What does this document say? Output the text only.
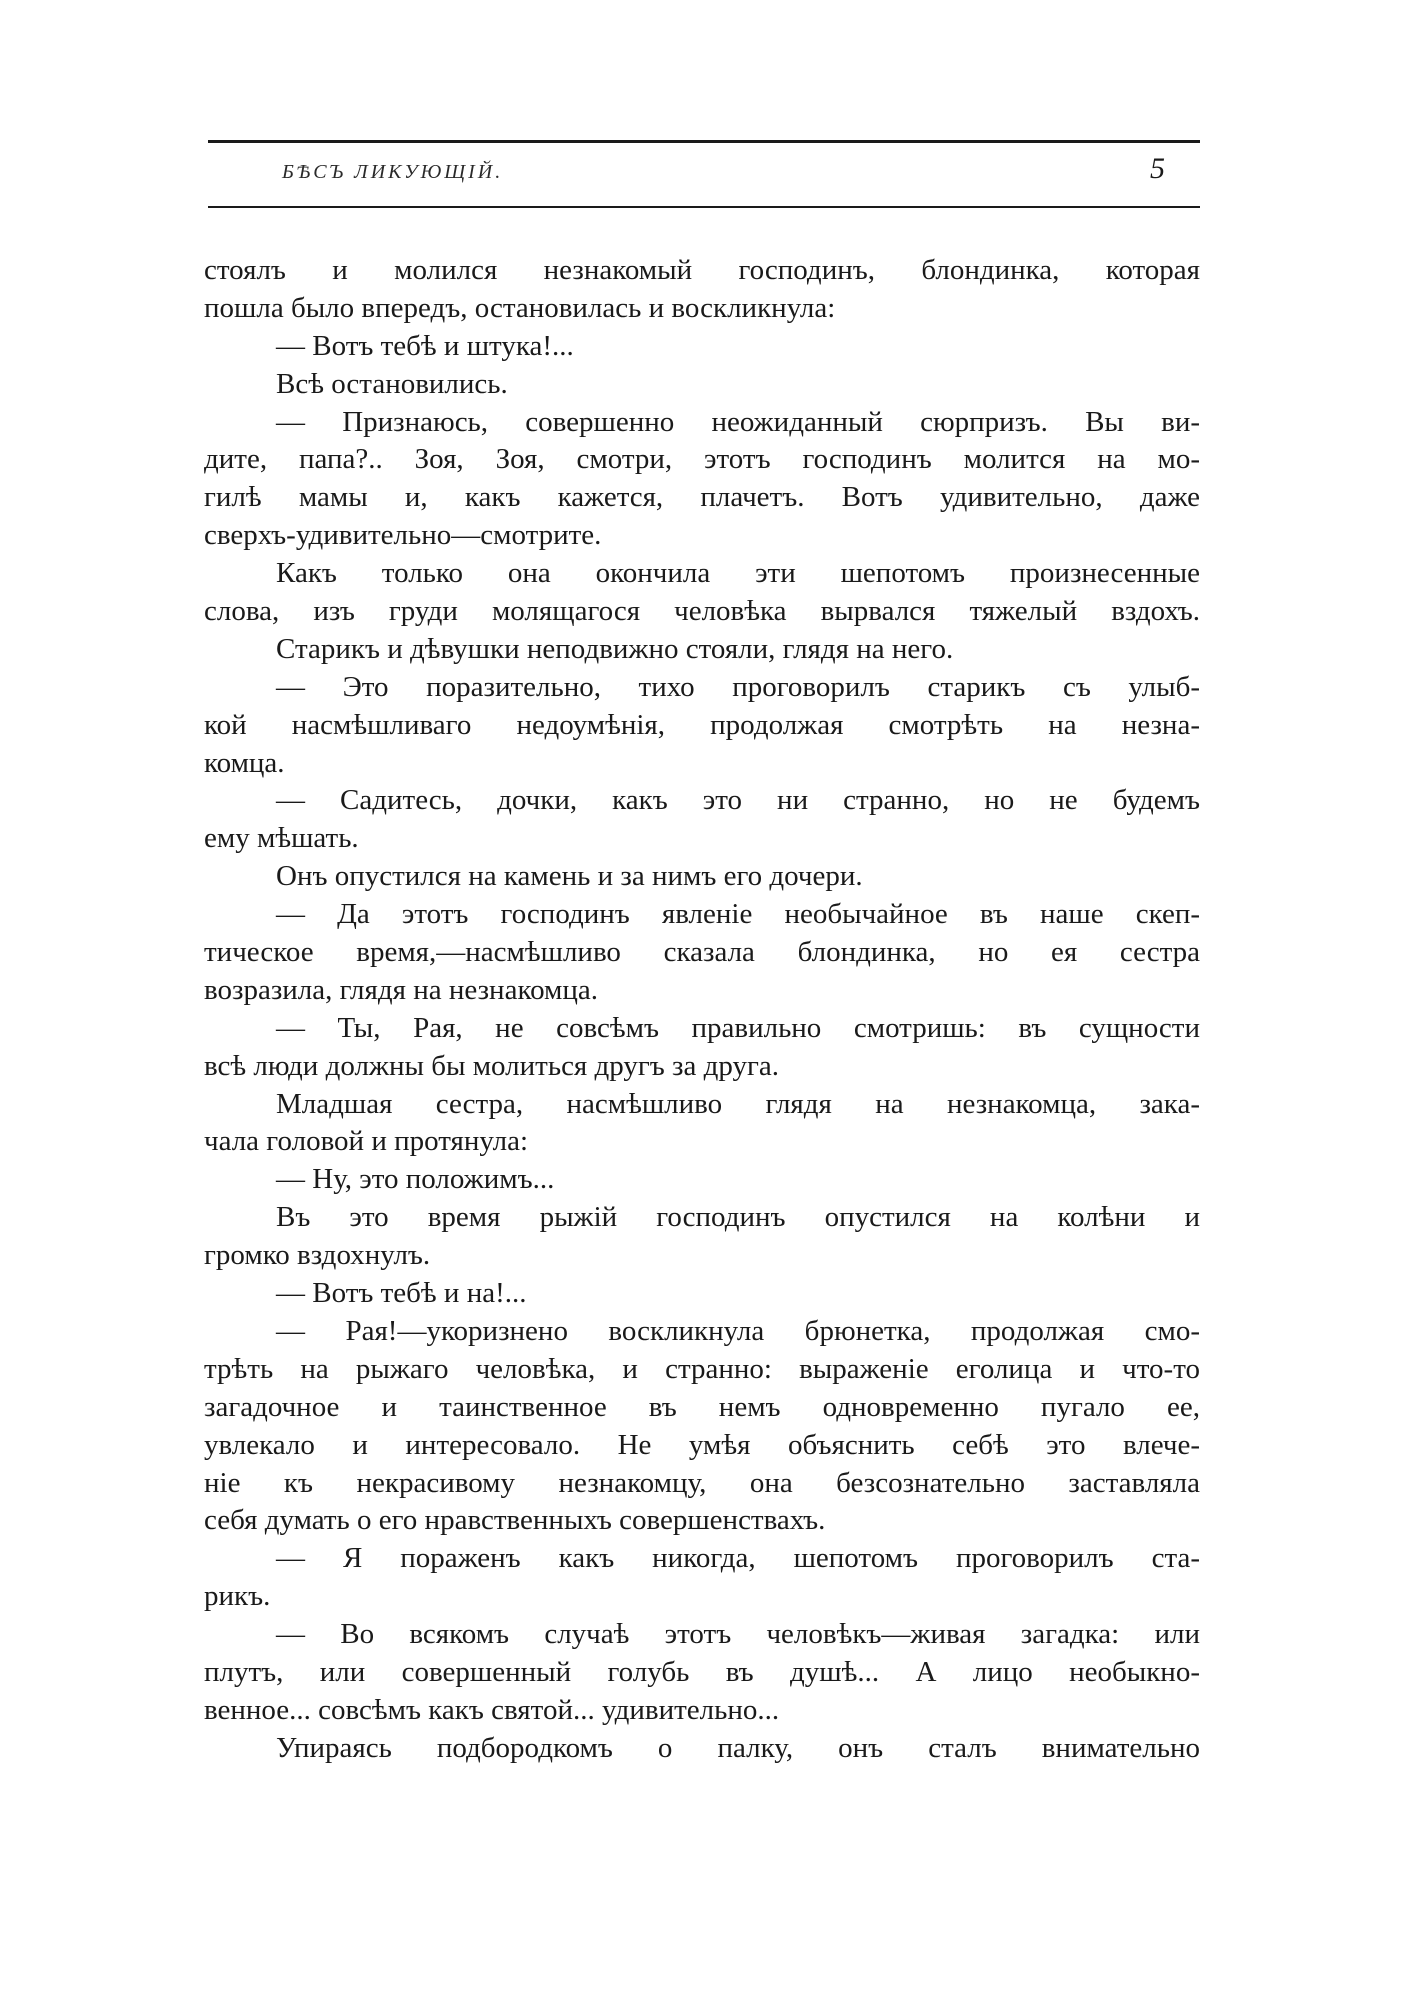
БѢСЪ ЛИКУЮЩІЙ.	5
стоялъ и молился незнакомый господинъ, блондинка, которая
пошла было впередъ, остановилась и воскликнула:
— Вотъ тебѣ и штука!...
Всѣ остановились.
— Признаюсь, совершенно неожиданный сюрпризъ. Вы ви-
дите, папа?.. Зоя, Зоя, смотри, этотъ господинъ молится на мо-
гилѣ мамы и, какъ кажется, плачетъ. Вотъ удивительно, даже
сверхъ-удивительно—смотрите.
Какъ только она окончила эти шепотомъ произнесенные
слова, изъ груди молящагося человѣка вырвался тяжелый вздохъ.
Старикъ и дѣвушки неподвижно стояли, глядя на него.
— Это поразительно, тихо проговорилъ старикъ съ улыб-
кой насмѣшливаго недоумѣнія, продолжая смотрѣть на незна-
комца.
— Садитесь, дочки, какъ это ни странно, но не будемъ
ему мѣшать.
Онъ опустился на камень и за нимъ его дочери.
— Да этотъ господинъ явленіе необычайное въ наше скеп-
тическое время,—насмѣшливо сказала блондинка, но ея сестра
возразила, глядя на незнакомца.
— Ты, Рая, не совсѣмъ правильно смотришь: въ сущности
всѣ люди должны бы молиться другъ за друга.
Младшая сестра, насмѣшливо глядя на незнакомца, зака-
чала головой и протянула:
— Ну, это положимъ...
Въ это время рыжій господинъ опустился на колѣни и
громко вздохнулъ.
— Вотъ тебѣ и на!...
— Рая!—укоризнено воскликнула брюнетка, продолжая смо-
трѣть на рыжаго человѣка, и странно: выраженіе еголица и что-то
загадочное и таинственное въ немъ одновременно пугало ее,
увлекало и интересовало. Не умѣя объяснить себѣ это влече-
ніе къ некрасивому незнакомцу, она безсознательно заставляла
себя думать о его нравственныхъ совершенствахъ.
— Я пораженъ какъ никогда, шепотомъ проговорилъ ста-
рикъ.
— Во всякомъ случаѣ этотъ человѣкъ—живая загадка: или
плутъ, или совершенный голубь въ душѣ... А лицо необыкно-
венное... совсѣмъ какъ святой... удивительно...
Упираясь подбородкомъ о палку, онъ сталъ внимательно
